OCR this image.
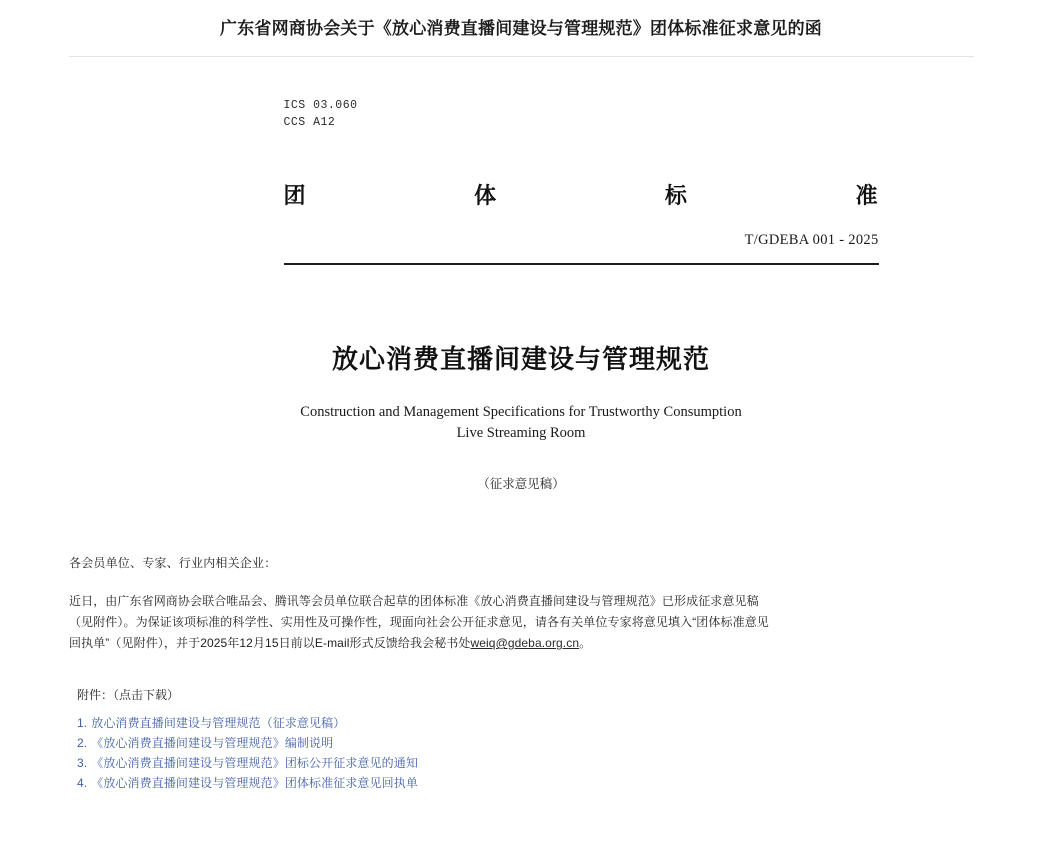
广东省网商协会关于《放心消费直播间建设与管理规范》团体标准征求意见的函
ICS 03.060
CCS A12
团	体	标	准
T/GDEBA 001 - 2025
放心消费直播间建设与管理规范
Construction and Management Specifications for Trustworthy Consumption Live Streaming Room
（征求意见稿）
各会员单位、专家、行业内相关企业：
近日，由广东省网商协会联合唯品会、腾讯等会员单位联合起草的团体标准《放心消费直播间建设与管理规范》已形成征求意见稿（见附件）。为保证该项标准的科学性、实用性及可操作性，现面向社会公开征求意见，请各有关单位专家将意见填入“团体标准意见回执单”（见附件），并于2025年12月15日前以E-mail形式反馈给我会秘书处weiq@gdeba.org.cn。
附件：（点击下载）
1. 放心消费直播间建设与管理规范（征求意见稿）
2. 《放心消费直播间建设与管理规范》编制说明
3. 《放心消费直播间建设与管理规范》团标公开征求意见的通知
4. 《放心消费直播间建设与管理规范》团体标准征求意见回执单
